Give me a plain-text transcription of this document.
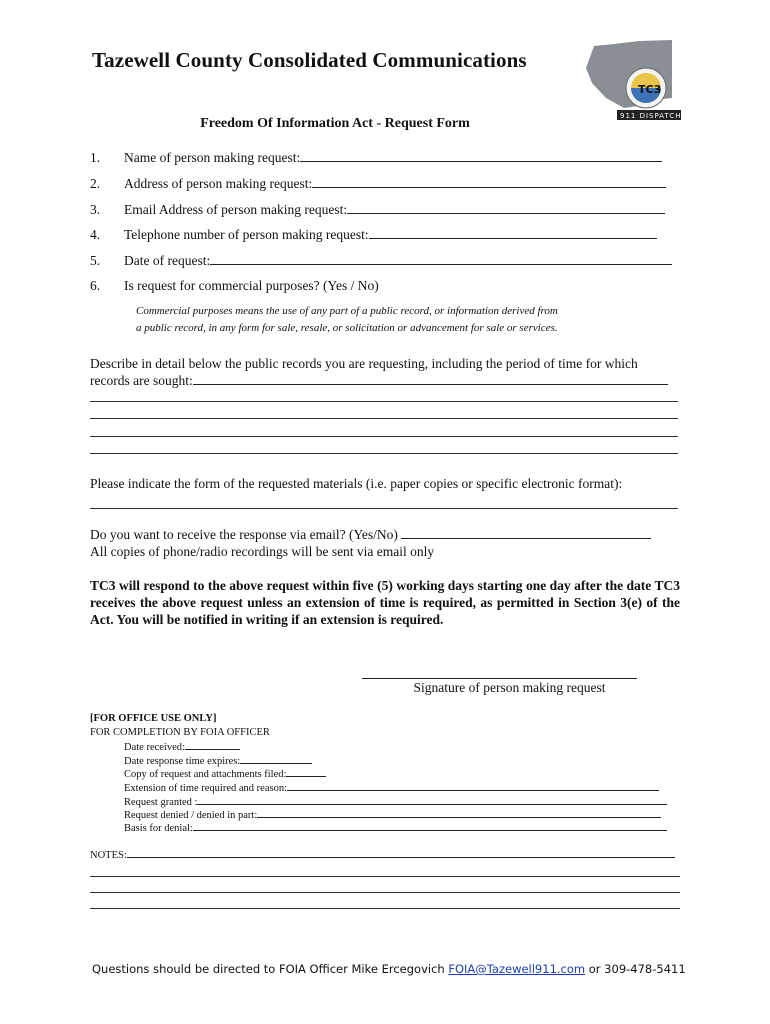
Tazewell County Consolidated Communications
TC3
911 DISPATCH
Freedom Of Information Act - Request Form
1. Name of person making request:
2. Address of person making request:
3. Email Address of person making request:
4. Telephone number of person making request:
5. Date of request:
6. Is request for commercial purposes? (Yes / No)
Commercial purposes means the use of any part of a public record, or information derived from
a public record, in any form for sale, resale, or solicitation or advancement for sale or services.
Describe in detail below the public records you are requesting, including the period of time for which
records are sought:
Please indicate the form of the requested materials (i.e. paper copies or specific electronic format):
Do you want to receive the response via email? (Yes/No)
All copies of phone/radio recordings will be sent via email only
TC3 will respond to the above request within five (5) working days starting one day after the date TC3 receives the above request unless an extension of time is required, as permitted in Section 3(e) of the Act. You will be notified in writing if an extension is required.
Signature of person making request
[FOR OFFICE USE ONLY]
FOR COMPLETION BY FOIA OFFICER
Date received:
Date response time expires:
Copy of request and attachments filed:
Extension of time required and reason:
Request granted :
Request denied / denied in part:
Basis for denial:
NOTES:
Questions should be directed to FOIA Officer Mike Ercegovich FOIA@Tazewell911.com or 309-478-5411
